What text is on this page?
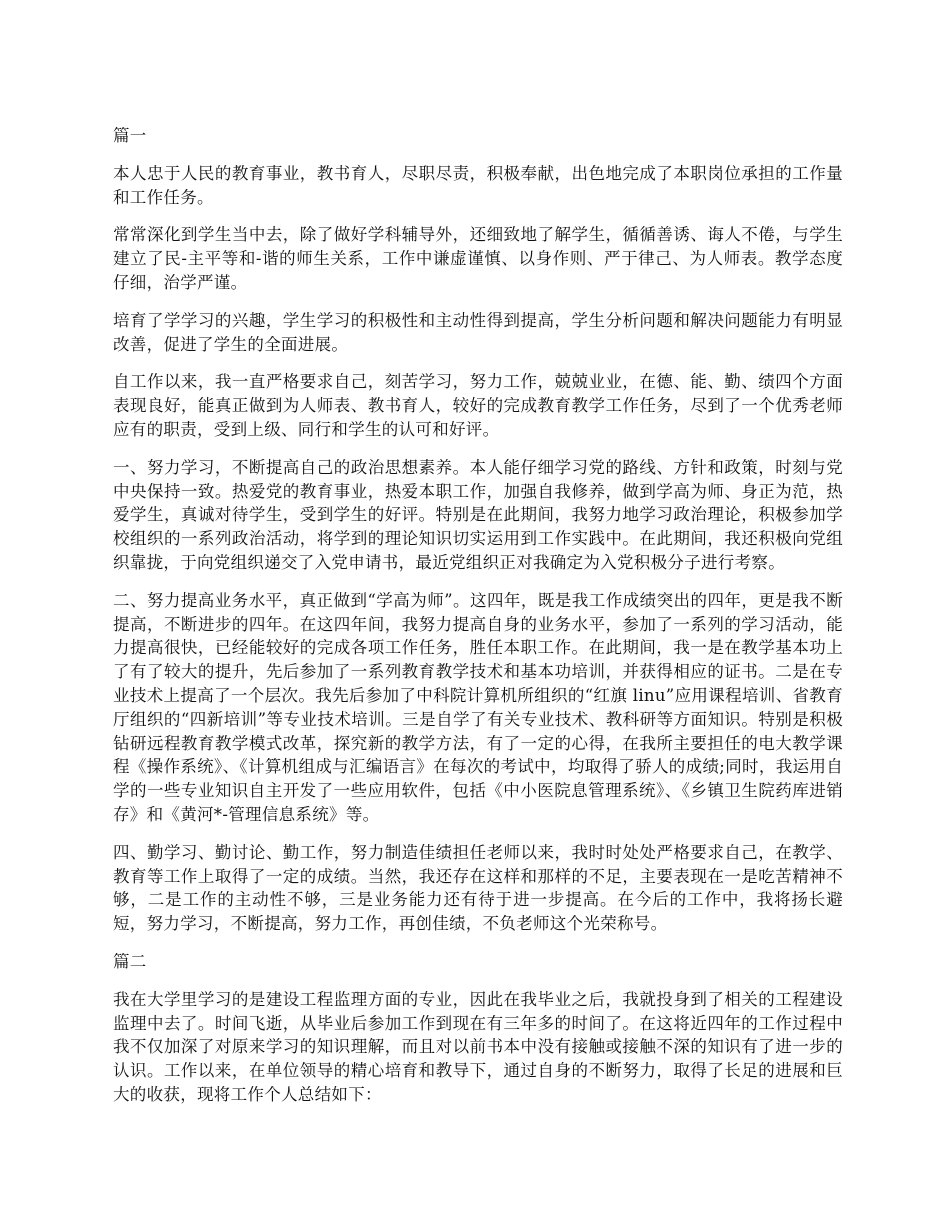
篇一

本人忠于人民的教育事业，教书育人，尽职尽责，积极奉献，出色地完成了本职岗位承担的工作量和工作任务。

常常深化到学生当中去，除了做好学科辅导外，还细致地了解学生，循循善诱、诲人不倦，与学生建立了民-主平等和-谐的师生关系，工作中谦虚谨慎、以身作则、严于律己、为人师表。教学态度仔细，治学严谨。

培育了学学习的兴趣，学生学习的积极性和主动性得到提高，学生分析问题和解决问题能力有明显改善，促进了学生的全面进展。

自工作以来，我一直严格要求自己，刻苦学习，努力工作，兢兢业业，在德、能、勤、绩四个方面表现良好，能真正做到为人师表、教书育人，较好的完成教育教学工作任务，尽到了一个优秀老师应有的职责，受到上级、同行和学生的认可和好评。

一、努力学习，不断提高自己的政治思想素养。本人能仔细学习党的路线、方针和政策，时刻与党中央保持一致。热爱党的教育事业，热爱本职工作，加强自我修养，做到学高为师、身正为范，热爱学生，真诚对待学生，受到学生的好评。特别是在此期间，我努力地学习政治理论，积极参加学校组织的一系列政治活动，将学到的理论知识切实运用到工作实践中。在此期间，我还积极向党组织靠拢，于向党组织递交了入党申请书，最近党组织正对我确定为入党积极分子进行考察。

二、努力提高业务水平，真正做到“学高为师”。这四年，既是我工作成绩突出的四年，更是我不断提高，不断进步的四年。在这四年间，我努力提高自身的业务水平，参加了一系列的学习活动，能力提高很快，已经能较好的完成各项工作任务，胜任本职工作。在此期间，我一是在教学基本功上了有了较大的提升，先后参加了一系列教育教学技术和基本功培训，并获得相应的证书。二是在专业技术上提高了一个层次。我先后参加了中科院计算机所组织的“红旗 linu”应用课程培训、省教育厅组织的“四新培训”等专业技术培训。三是自学了有关专业技术、教科研等方面知识。特别是积极钻研远程教育教学模式改革，探究新的教学方法，有了一定的心得，在我所主要担任的电大教学课程《操作系统》、《计算机组成与汇编语言》在每次的考试中，均取得了骄人的成绩;同时，我运用自学的一些专业知识自主开发了一些应用软件，包括《中小医院息管理系统》、《乡镇卫生院药库进销存》和《黄河*-管理信息系统》等。

四、勤学习、勤讨论、勤工作，努力制造佳绩担任老师以来，我时时处处严格要求自己，在教学、教育等工作上取得了一定的成绩。当然，我还存在这样和那样的不足，主要表现在一是吃苦精神不够，二是工作的主动性不够，三是业务能力还有待于进一步提高。在今后的工作中，我将扬长避短，努力学习，不断提高，努力工作，再创佳绩，不负老师这个光荣称号。

篇二

我在大学里学习的是建设工程监理方面的专业，因此在我毕业之后，我就投身到了相关的工程建设监理中去了。时间飞逝，从毕业后参加工作到现在有三年多的时间了。在这将近四年的工作过程中我不仅加深了对原来学习的知识理解，而且对以前书本中没有接触或接触不深的知识有了进一步的认识。工作以来，在单位领导的精心培育和教导下，通过自身的不断努力，取得了长足的进展和巨大的收获，现将工作个人总结如下：
